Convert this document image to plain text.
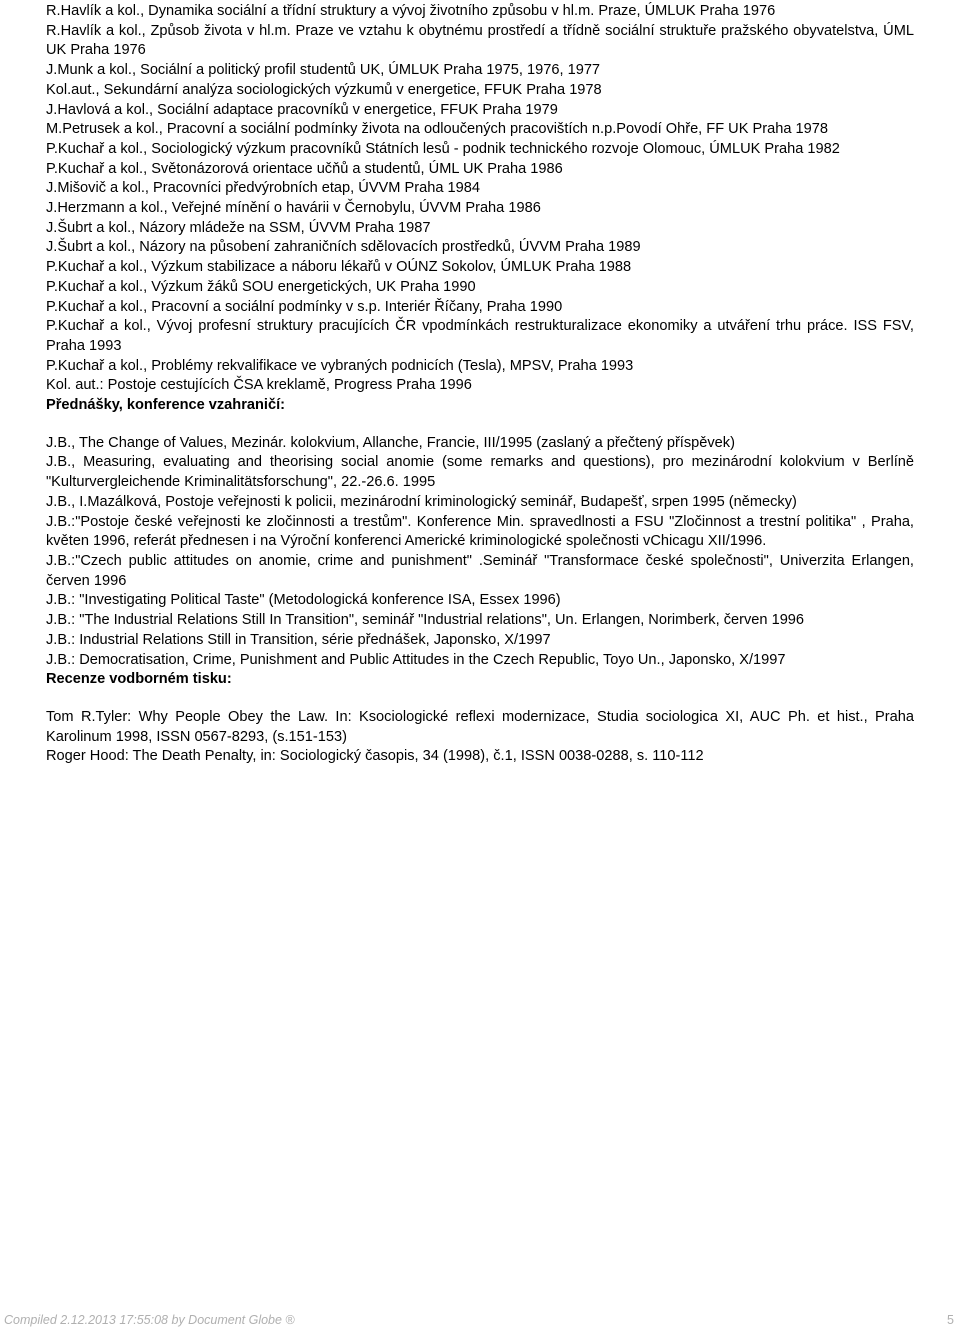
R.Havlík a kol., Dynamika sociální a třídní struktury a vývoj životního způsobu v hl.m. Praze, ÚMLUK Praha 1976

R.Havlík a kol., Způsob života v hl.m. Praze ve vztahu k obytnému prostředí a třídně sociální struktuře pražského obyvatelstva, ÚML UK Praha 1976

J.Munk a kol., Sociální a politický profil studentů UK, ÚMLUK Praha 1975, 1976, 1977

Kol.aut., Sekundární analýza sociologických výzkumů v energetice, FFUK Praha 1978

J.Havlová a kol., Sociální adaptace pracovníků v energetice, FFUK Praha 1979

M.Petrusek a kol., Pracovní a sociální podmínky života na odloučených pracovištích n.p.Povodí Ohře, FF UK Praha 1978

P.Kuchař a kol., Sociologický výzkum pracovníků Státních lesů - podnik technického rozvoje Olomouc, ÚMLUK Praha 1982

P.Kuchař a kol., Světonázorová orientace učňů a studentů, ÚML UK Praha 1986

J.Mišovič a kol., Pracovníci předvýrobních etap, ÚVVM Praha 1984

J.Herzmann a kol., Veřejné mínění o havárii v Černobylu, ÚVVM Praha 1986

J.Šubrt a kol., Názory mládeže na SSM, ÚVVM Praha 1987

J.Šubrt a kol., Názory na působení zahraničních sdělovacích prostředků, ÚVVM Praha 1989

P.Kuchař a kol., Výzkum stabilizace a náboru lékařů v OÚNZ Sokolov, ÚMLUK Praha 1988

P.Kuchař a kol., Výzkum žáků SOU energetických, UK Praha 1990

P.Kuchař a kol., Pracovní a sociální podmínky v s.p. Interiér Říčany, Praha 1990

P.Kuchař a kol., Vývoj profesní struktury pracujících ČR vpodmínkách restrukturalizace ekonomiky a utváření trhu práce. ISS FSV, Praha 1993

P.Kuchař a kol., Problémy rekvalifikace ve vybraných podnicích (Tesla), MPSV, Praha 1993

Kol. aut.: Postoje cestujících ČSA kreklamě, Progress Praha 1996

Přednášky, konference vzahraničí:

J.B., The Change of Values, Mezinár. kolokvium, Allanche, Francie, III/1995 (zaslaný a přečtený příspěvek)

J.B., Measuring, evaluating and theorising social anomie (some remarks and questions), pro mezinárodní kolokvium v Berlíně "Kulturvergleichende Kriminalitätsforschung", 22.-26.6. 1995

J.B., I.Mazálková, Postoje veřejnosti k policii, mezinárodní kriminologický seminář, Budapešť, srpen 1995 (německy)

J.B.:"Postoje české veřejnosti ke zločinnosti a trestům". Konference Min. spravedlnosti a FSU "Zločinnost a trestní politika" , Praha, květen 1996, referát přednesen i na Výroční konferenci Americké kriminologické společnosti vChicagu XII/1996.

J.B.:"Czech public attitudes on anomie, crime and punishment" .Seminář "Transformace české společnosti", Univerzita Erlangen, červen 1996

J.B.: "Investigating Political Taste" (Metodologická konference ISA, Essex 1996)

J.B.: "The Industrial Relations Still In Transition", seminář "Industrial relations", Un. Erlangen, Norimberk, červen 1996

J.B.: Industrial Relations Still in Transition, série přednášek, Japonsko, X/1997

J.B.: Democratisation, Crime, Punishment and Public Attitudes in the Czech Republic, Toyo Un., Japonsko, X/1997

Recenze vodborném tisku:

Tom R.Tyler: Why People Obey the Law. In: Ksociologické reflexi modernizace, Studia sociologica XI, AUC Ph. et hist., Praha Karolinum 1998, ISSN 0567-8293, (s.151-153)

Roger Hood: The Death Penalty, in: Sociologický časopis, 34 (1998), č.1, ISSN 0038-0288, s. 110-112

Compiled 2.12.2013 17:55:08 by Document Globe ®	5
